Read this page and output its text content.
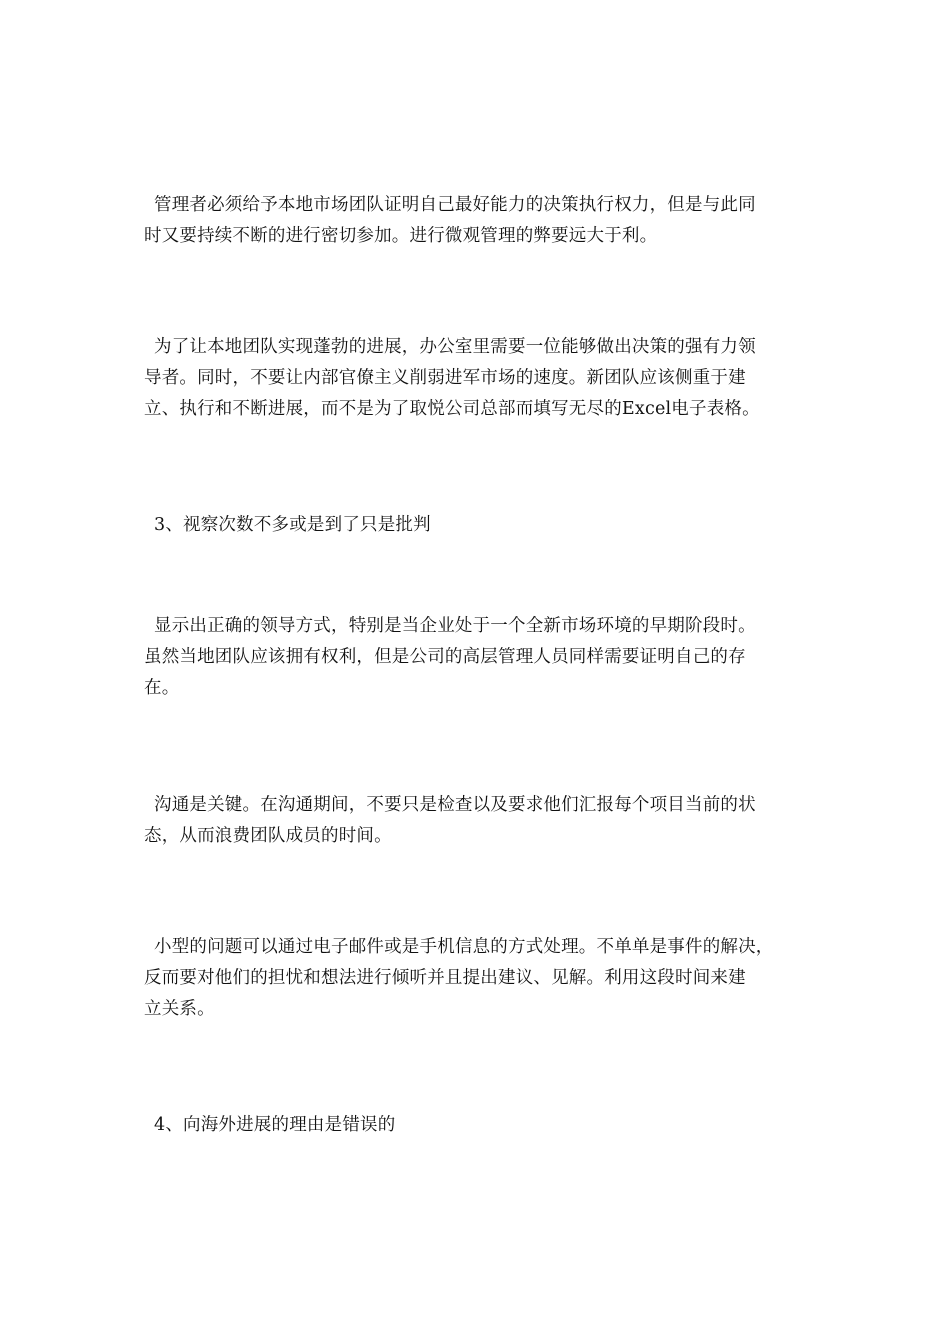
管理者必须给予本地市场团队证明自己最好能力的决策执行权力，但是与此同
时又要持续不断的进行密切参加。进行微观管理的弊要远大于利。

为了让本地团队实现蓬勃的进展，办公室里需要一位能够做出决策的强有力领
导者。同时，不要让内部官僚主义削弱进军市场的速度。新团队应该侧重于建
立、执行和不断进展，而不是为了取悦公司总部而填写无尽的Excel电子表格。

3、视察次数不多或是到了只是批判

显示出正确的领导方式，特别是当企业处于一个全新市场环境的早期阶段时。
虽然当地团队应该拥有权利，但是公司的高层管理人员同样需要证明自己的存
在。

沟通是关键。在沟通期间，不要只是检查以及要求他们汇报每个项目当前的状
态，从而浪费团队成员的时间。

小型的问题可以通过电子邮件或是手机信息的方式处理。不单单是事件的解决，
反而要对他们的担忧和想法进行倾听并且提出建议、见解。利用这段时间来建
立关系。

4、向海外进展的理由是错误的
